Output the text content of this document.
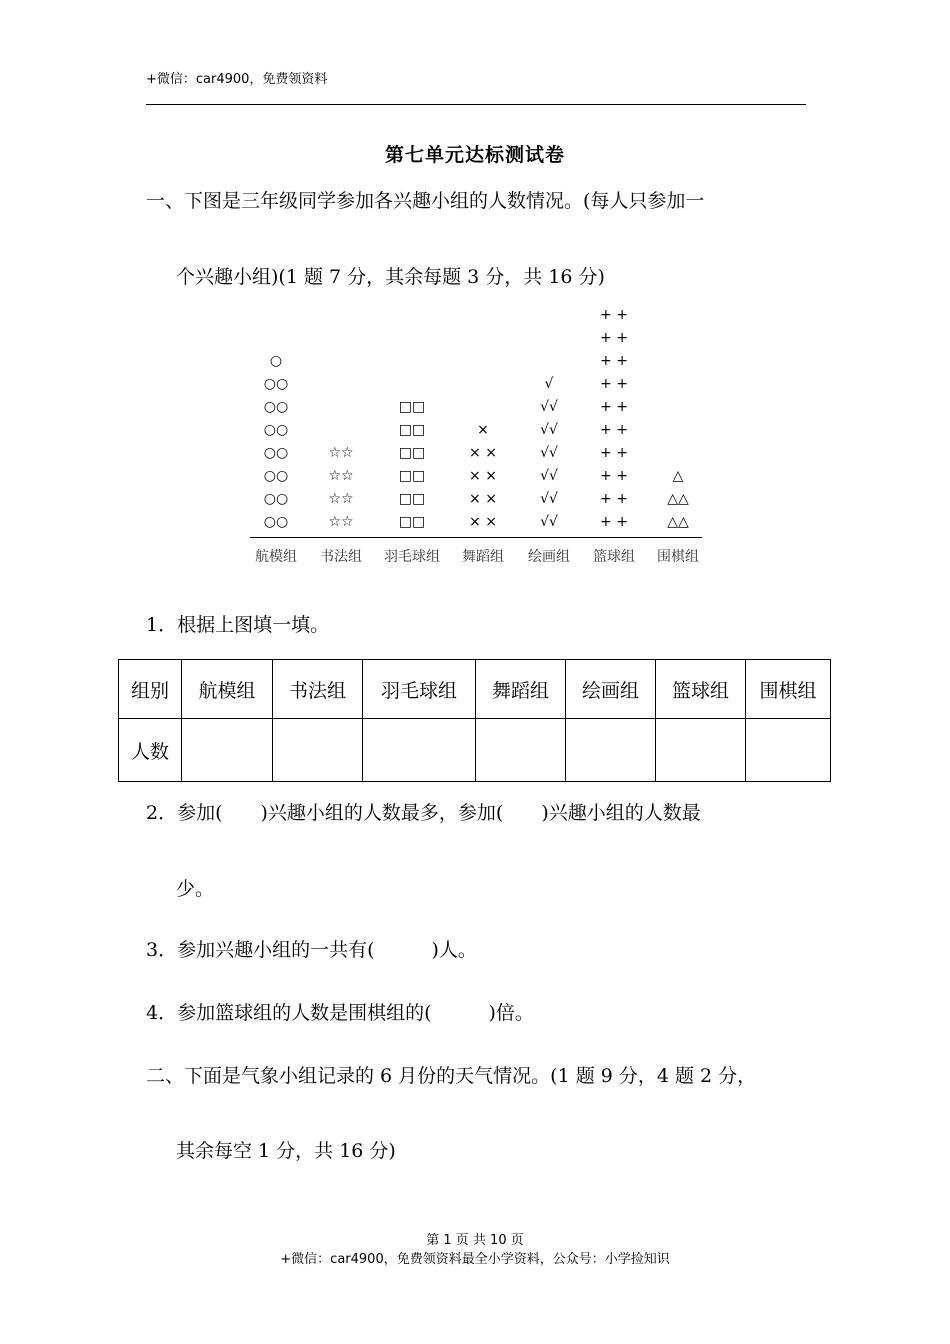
+微信：car4900，免费领资料
第七单元达标测试卷
一、下图是三年级同学参加各兴趣小组的人数情况。(每人只参加一
个兴趣小组)(1 题 7 分，其余每题 3 分，共 16 分)
○
○○
○○
○○
○○
○○
○○
○○
☆☆
☆☆
☆☆
☆☆
□□
□□
□□
□□
□□
□□
×
× ×
× ×
× ×
× ×
√
√√
√√
√√
√√
√√
√√
+ +
+ +
+ +
+ +
+ +
+ +
+ +
+ +
+ +
+ +
△
△△
△△
航模组	书法组	羽毛球组	舞蹈组	绘画组	篮球组	围棋组
1．根据上图填一填。
组别	航模组	书法组	羽毛球组	舞蹈组	绘画组	篮球组	围棋组
人数							
2．参加(　　)兴趣小组的人数最多，参加(　　)兴趣小组的人数最
少。
3．参加兴趣小组的一共有(　　　)人。
4．参加篮球组的人数是围棋组的(　　　)倍。
二、下面是气象小组记录的 6 月份的天气情况。(1 题 9 分，4 题 2 分，
其余每空 1 分，共 16 分)
第 1 页 共 10 页
+微信：car4900，免费领资料最全小学资料，公众号：小学捡知识
